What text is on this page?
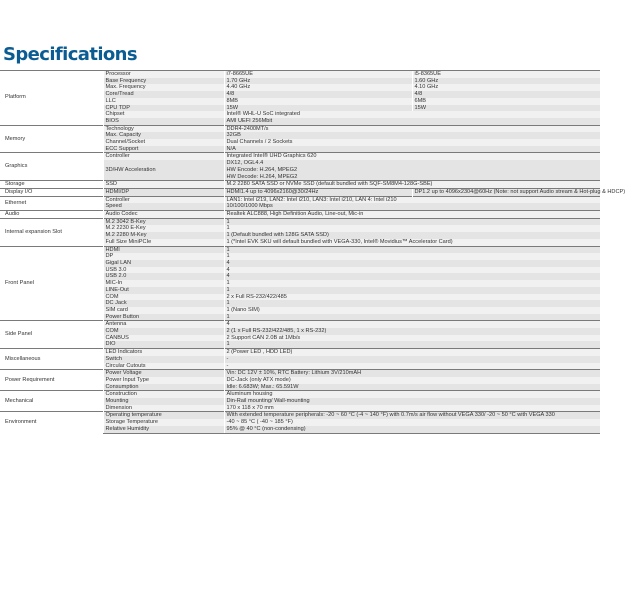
Specifications
Platform	Processor	i7-8665UE	i5-8365UE
	Base Frequency	1.70 GHz	1.60 GHz
	Max. Frequency	4.40 GHz	4.10 GHz
	Core/Tread	4/8	4/8
	LLC	8MB	6MB
	CPU TDP	15W	15W
	Chipset	Intel® WHL-U SoC integrated	
	BIOS	AMI UEFI 256Mbit	
Memory	Technology	DDR4-2400MT/s	
	Max. Capacity	32GB	
	Channel/Socket	Dual Channels / 2 Sockets	
	ECC Support	N/A	
Graphics	Controller	Integrated Intel® UHD Graphics 620	
	3D/HW Acceleration	DX12, OGL4.4
HW Encode: H.264, MPEG2
HW Decode: H.264, MPEG2	

Storage	SSD	M.2 2280 SATA SSD or NVMe SSD (default bundled with SQF-SM8M4-128G-SBE)	
Display I/O	HDMI/DP	HDMI1.4 up to 4096x2160@30/24Hz	DP1.2 up to 4096x2304@60Hz (Note: not support Audio stream & Hot-plug & HDCP)
Ethernet	Controller	LAN1: Intel i219, LAN2: Intel i210, LAN3: Intel i210, LAN 4: Intel i210	
	Speed	10/100/1000 Mbps	
Audio	Audio Codec	Realtek ALC888, High Definition Audio, Line-out, Mic-in	
Internal expansion Slot	M.2 3042 B-Key	1	
	M.2 2230 E-Key	1	
	M.2 2280 M-Key	1 (Default bundled with 128G SATA SSD)	
	Full Size MiniPCIe	1 (*Intel EVK SKU will default bundled with VEGA-330, Intel® Movidius™ Accelerator Card)	
Front Panel	HDMI	1	
	DP	1	
	Gigal LAN	4	
	USB 3.0	4	
	USB 2.0	4	
	MIC-In	1	
	LINE-Out	1	
	COM	2 x Full RS-232/422/485	
	DC Jack	1	
	SIM card	1 (Nano SIM)	
	Power Button	1	
Side Panel	Antenna	4	
	COM	2 (1 x Full RS-232/422/485, 1 x RS-232)	
	CANBUS	2 Support CAN 2.0B at 1Mb/s	
	DIO	1	
Miscellaneous	LED Indicators	2 (Power LED , HDD LED)	
	Switch	-	
	Circular Cutouts	-	
Power Requirement	Power Voltage	Vin: DC 12V ± 10%, RTC Battery: Lithium 3V/210mAH	
	Power Input Type	DC-Jack (only ATX mode)	
	Consumption	Idle: 6.683W; Max.: 65.591W	
Mechanical	Construction	Aluminum housing	
	Mounting	Din-Rail mounting/ Wall-mounting	
	Dimension	170 x 118 x 70 mm	
Environment	Operating temperature	With extended temperature peripherals: -20 ~ 60 °C (-4 ~ 140 °F) with 0.7m/s air flow without VEGA 330/ -20 ~ 50 °C with VEGA 330	
	Storage Temperature	-40 ~ 85 °C ( -40 ~ 185 °F)	
	Relative Humidity	95% @ 40 °C (non-condensing)	
